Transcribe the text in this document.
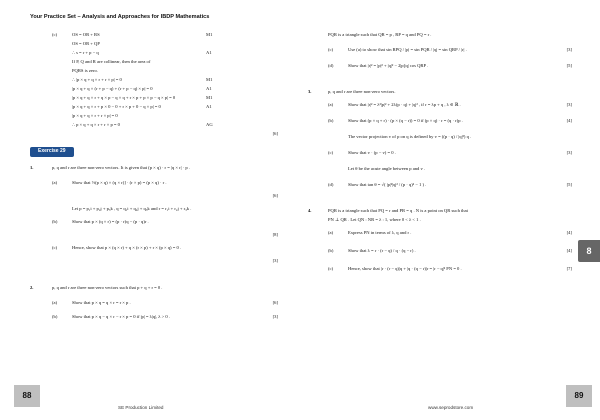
Your Practice Set – Analysis and Approaches for IBDP Mathematics
(c)	OS = OR + RS	M1
OS = OR + QP
∴ s = r + p − q	A1
If P, Q and R are collinear, then the area of
PQRS is zero.
∴ |p × q + q × r + r × p| = 0	M1
|p × q + q × (r + p − q) + (r + p − q) × p| = 0	A1
|p × q + q × r + q × p − q × q + r × p + p × p − q × p| = 0	M1
|p × q + q × r + p × 0 − 0 + r × p + 0 − q × p| = 0	A1
|p × q + q × r + r × p| = 0
∴ p × q + q × r + r × p = 0	AG
[6]
Exercise 29
1.	p, q and r are three non-zero vectors. It is given that (p × q) · r = |q × r| · p .
(a)	Show that ½(p × q) × (q × r)] · (r × p) = (p × q) · r .
[6]
Let p = p₁i + p₂j + p₃k , q = q₁i + q₂j + q₃k and r = r₁i + r₂j + r₃k .
(b)	Show that p × (q × r) = (p · r)q − (p · q)r .
[8]
(c)	Hence, show that p × (q × r) + q × (r × p) + r × (p × q) = 0 .
[3]
2.	p, q and r are three non-zero vectors such that p + q + r = 0 .
(a)	Show that p × q = q × r = r × p .	[6]
(b)	Show that p × q − q × r − r × p = 0 if |p| = λ|q|, λ > 0 .	[3]
PQR is a triangle such that QR = p , RP = q and PQ = r .
(c)	Use (a) to show that sin RPQ / |p| = sin PQR / |q| = sin QRP / |r| .	[3]
(d)	Show that |r|² = |p|² + |q|² − 2|p||q| cos QRP .	[5]
3.	p, q and r are three non-zero vectors.
(a)	Show that |r|² = λ²|p|² + 2λ(p · q) + |q|² , if r = λp + q , λ ∈ ℝ .	[3]
(b)	Show that (p × q + r) · (p × (q − r)) = 0 if (p × q) · r = (q · r)p .	[4]
The vector projection v of p on q is defined by v = ((p · q) / |q|²) q .
(c)	Show that v · (p − v) = 0 .	[3]
Let θ be the acute angle between p and v .
(d)	Show that tan θ = √( |p|²|q|² / (p · q)² − 1 ) .	[5]
4.	PQR is a triangle such that PQ = r and PR = q . N is a point on QR such that
PN ⊥ QR . Let QN : NR = λ : 1, where 0 < λ < 1 .
(a)	Express PN in terms of λ, q and r .	[4]
(b)	Show that λ = r · (r − q) / q · (q − r) .	[4]
(c)	Hence, show that |r · (r − q)|q + |q · (q − r)|r = |r − q|² PN = 0 .	[7]
8
88	89
SE Production Limited	www.seprodstore.com
